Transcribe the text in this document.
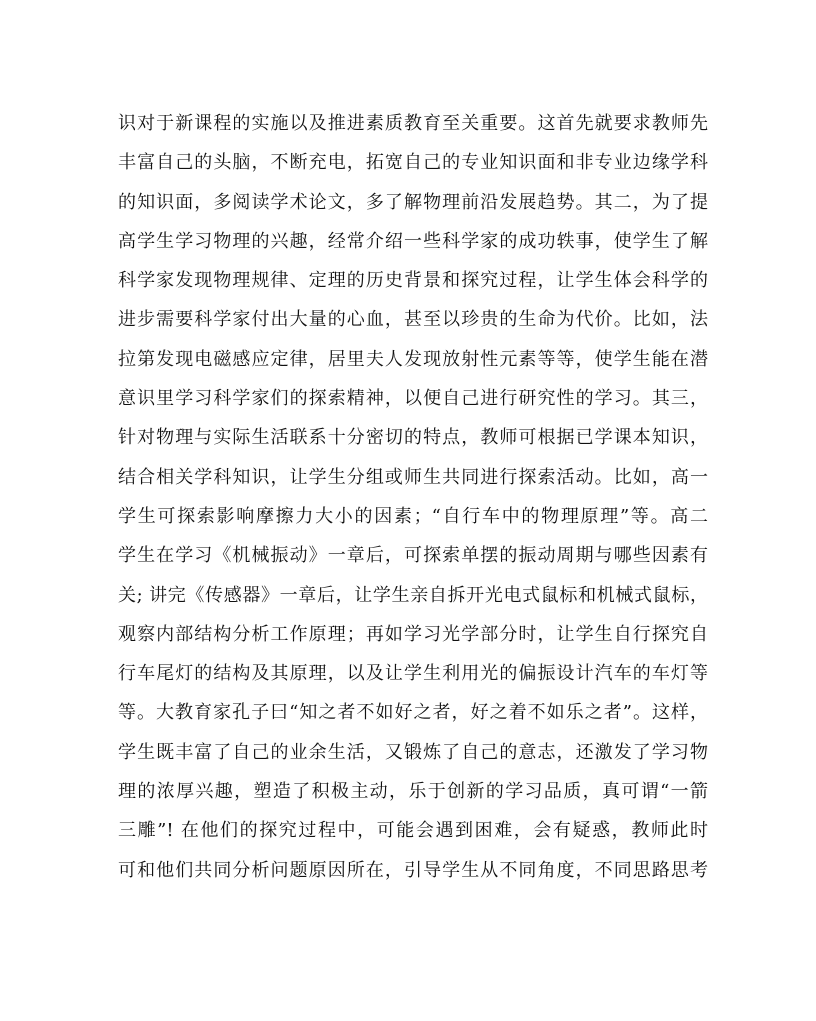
识对于新课程的实施以及推进素质教育至关重要。这首先就要求教师先
丰富自己的头脑，不断充电，拓宽自己的专业知识面和非专业边缘学科
的知识面，多阅读学术论文，多了解物理前沿发展趋势。其二，为了提
高学生学习物理的兴趣，经常介绍一些科学家的成功轶事，使学生了解
科学家发现物理规律、定理的历史背景和探究过程，让学生体会科学的
进步需要科学家付出大量的心血，甚至以珍贵的生命为代价。比如，法
拉第发现电磁感应定律，居里夫人发现放射性元素等等，使学生能在潜
意识里学习科学家们的探索精神，以便自己进行研究性的学习。其三，
针对物理与实际生活联系十分密切的特点，教师可根据已学课本知识，
结合相关学科知识，让学生分组或师生共同进行探索活动。比如，高一
学生可探索影响摩擦力大小的因素；“自行车中的物理原理”等。高二
学生在学习《机械振动》一章后，可探索单摆的振动周期与哪些因素有
关; 讲完《传感器》一章后，让学生亲自拆开光电式鼠标和机械式鼠标，
观察内部结构分析工作原理；再如学习光学部分时，让学生自行探究自
行车尾灯的结构及其原理，以及让学生利用光的偏振设计汽车的车灯等
等。大教育家孔子曰“知之者不如好之者，好之着不如乐之者”。这样，
学生既丰富了自己的业余生活，又锻炼了自己的意志，还激发了学习物
理的浓厚兴趣，塑造了积极主动，乐于创新的学习品质，真可谓“一箭
三雕”! 在他们的探究过程中，可能会遇到困难，会有疑惑，教师此时
可和他们共同分析问题原因所在，引导学生从不同角度，不同思路思考
